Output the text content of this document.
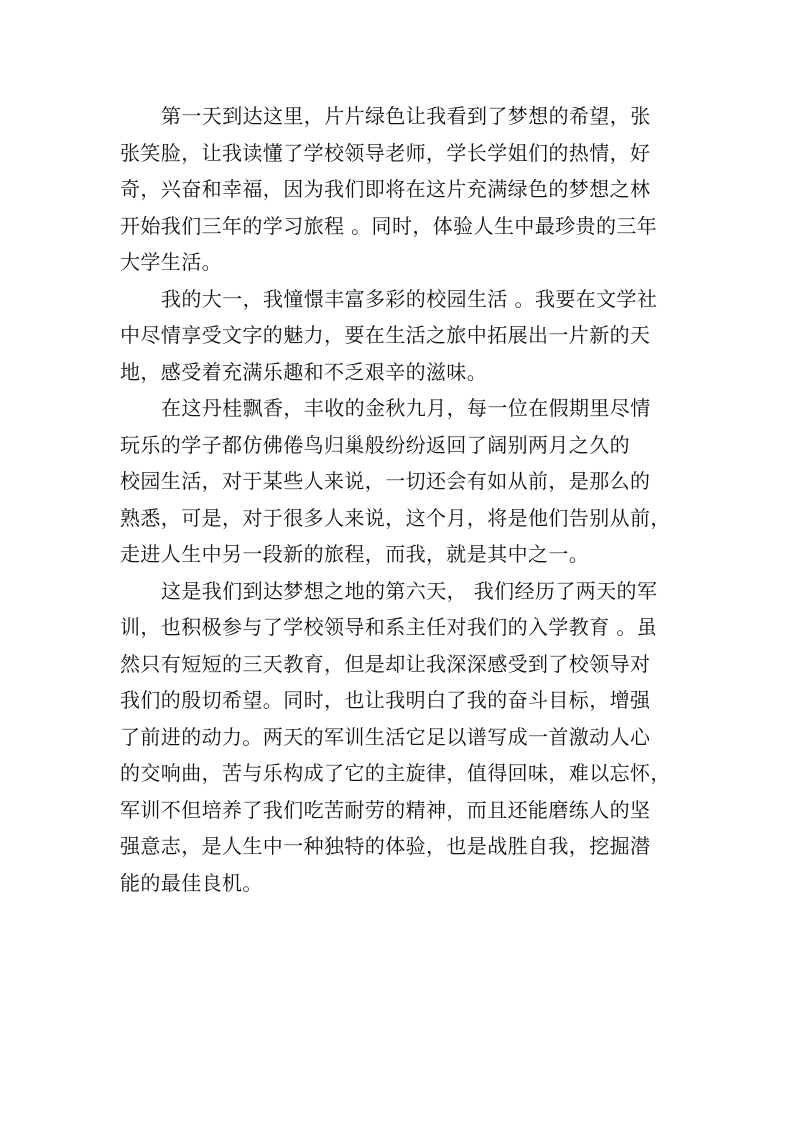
第一天到达这里，片片绿色让我看到了梦想的希望，张
张笑脸，让我读懂了学校领导老师，学长学姐们的热情，好
奇，兴奋和幸福，因为我们即将在这片充满绿色的梦想之林
开始我们三年的学习旅程 。同时，体验人生中最珍贵的三年
大学生活。
我的大一，我憧憬丰富多彩的校园生活 。我要在文学社
中尽情享受文字的魅力，要在生活之旅中拓展出一片新的天
地，感受着充满乐趣和不乏艰辛的滋味。
在这丹桂飘香，丰收的金秋九月，每一位在假期里尽情
玩乐的学子都仿佛倦鸟归巢般纷纷返回了阔别两月之久的
校园生活，对于某些人来说，一切还会有如从前，是那么的
熟悉，可是，对于很多人来说，这个月，将是他们告别从前，
走进人生中另一段新的旅程，而我，就是其中之一。
这是我们到达梦想之地的第六天， 我们经历了两天的军
训，也积极参与了学校领导和系主任对我们的入学教育 。虽
然只有短短的三天教育，但是却让我深深感受到了校领导对
我们的殷切希望。同时，也让我明白了我的奋斗目标，增强
了前进的动力。两天的军训生活它足以谱写成一首激动人心
的交响曲，苦与乐构成了它的主旋律，值得回味，难以忘怀，
军训不但培养了我们吃苦耐劳的精神，而且还能磨练人的坚
强意志，是人生中一种独特的体验，也是战胜自我，挖掘潜
能的最佳良机。
